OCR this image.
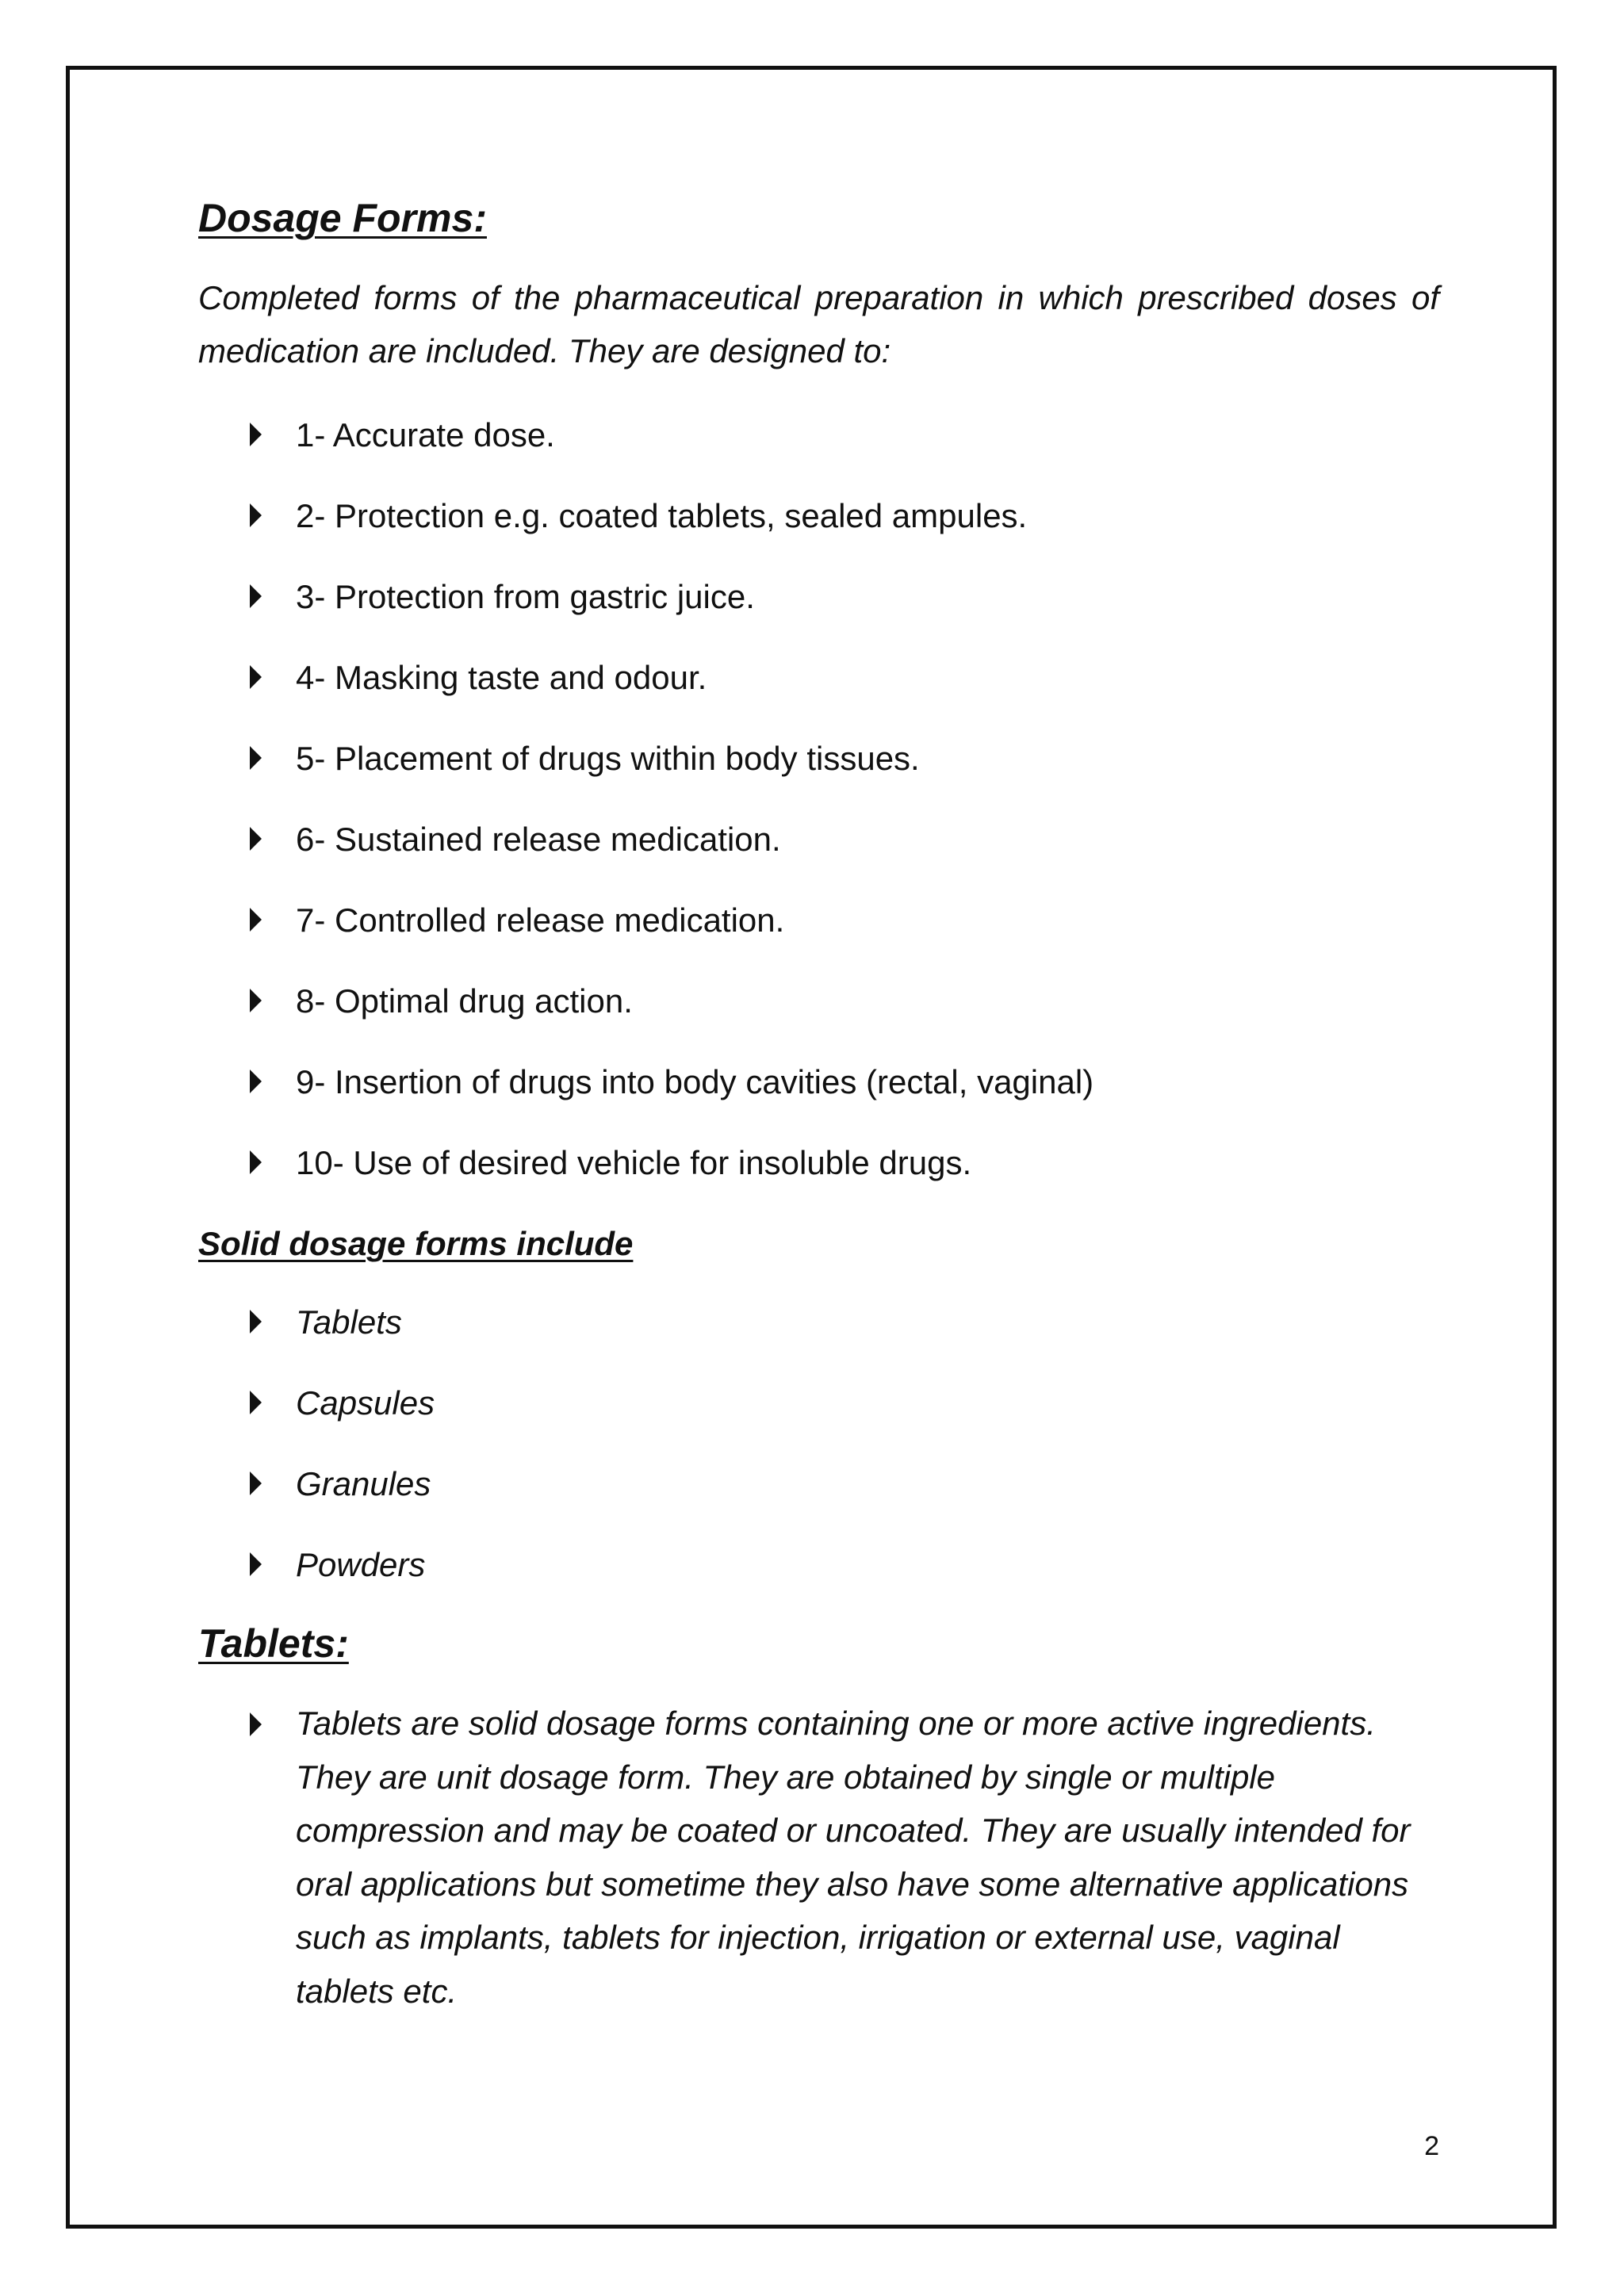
Dosage Forms:

Completed forms of the pharmaceutical preparation in which prescribed doses of medication are included. They are designed to:

1- Accurate dose.
2- Protection e.g. coated tablets, sealed ampules.
3- Protection from gastric juice.
4- Masking taste and odour.
5- Placement of drugs within body tissues.
6- Sustained release medication.
7- Controlled release medication.
8- Optimal drug action.
9- Insertion of drugs into body cavities (rectal, vaginal)
10- Use of desired vehicle for insoluble drugs.
Solid dosage forms include
Tablets
Capsules
Granules
Powders
Tablets:
Tablets are solid dosage forms containing one or more active ingredients. They are unit dosage form. They are obtained by single or multiple compression and may be coated or uncoated. They are usually intended for oral applications but sometime they also have some alternative applications such as implants, tablets for injection, irrigation or external use, vaginal tablets etc.
2
